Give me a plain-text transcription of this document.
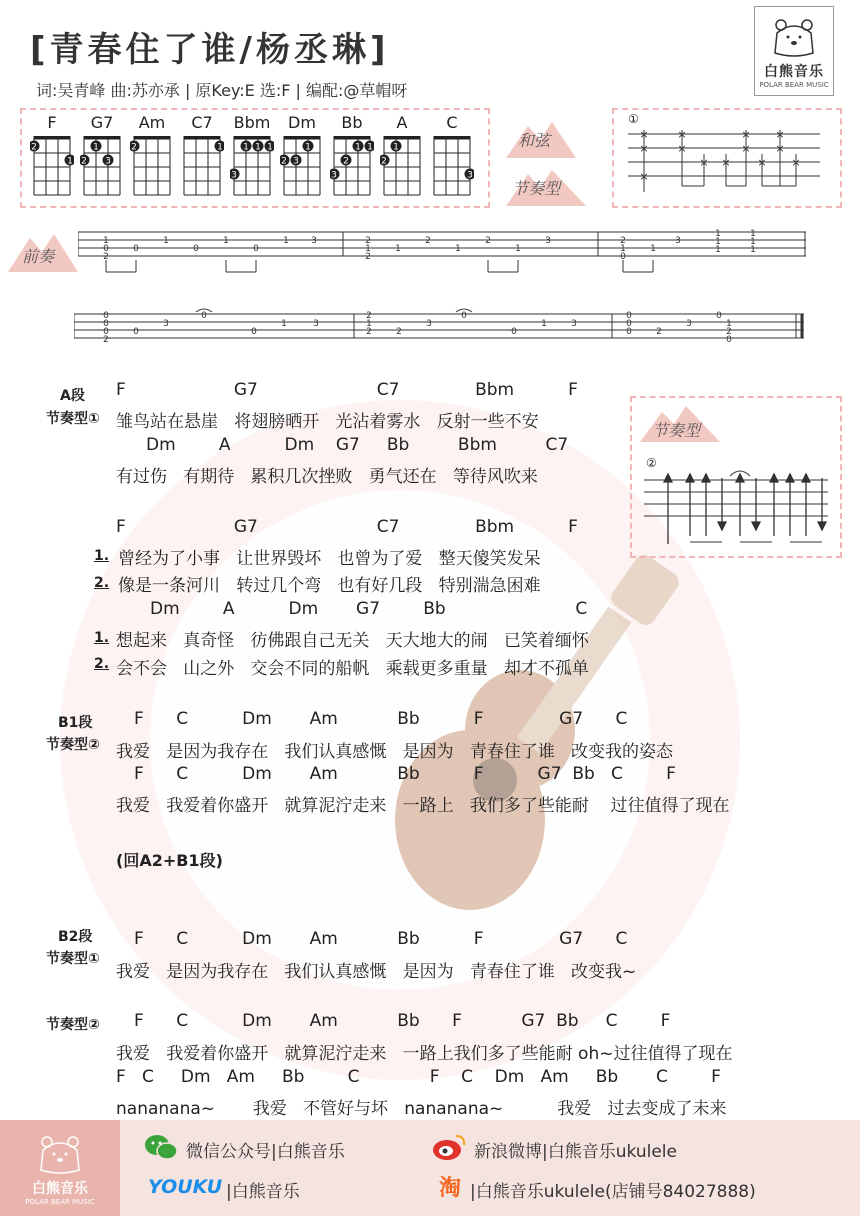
[青春住了谁/杨丞琳]
词:吴青峰 曲:苏亦承 | 原Key:E 选:F | 编配:@草帽呀
白熊音乐
POLAR BEAR MUSIC
F
2
1
G7
1
2 3
Am
2
C7
1
Bbm
1 1 1
3
Dm
1
2 3
Bb
1 1
2
3
A
1
2
C
3
和弦
节奏型
①
×
×
×
×
×
× ×
×
×
×
×
×
×
前奏
1
0
2
0
1
0
1
0
1 3	2
1
2
1
2
1
2
1
3	2
1
0
1
3
1
1
1
1
1
1
0
0
0
2
0
3
0
0
1	3
2
1
2	2
3
0
0
1	3
0
0
0	2
3
0
1
2
0
节奏型
②
A段
节奏型①
F                    G7                      C7              Bbm          F
雏鸟站在悬崖   将翅膀晒开   光沾着雾水   反射一些不安
Dm        A          Dm    G7     Bb         Bbm         C7
有过伤   有期待   累积几次挫败   勇气还在   等待风吹来
F                    G7                      C7              Bbm          F
1. 曾经为了小事   让世界毁坏   也曾为了爱   整天傻笑发呆
2. 像是一条河川   转过几个弯   也有好几段   特别湍急困难
Dm        A          Dm       G7        Bb                        C
1. 想起来   真奇怪   彷佛跟自己无关   天大地大的闹   已笑着缅怀
2. 会不会   山之外   交会不同的船帆   乘载更多重量   却才不孤单
B1段
节奏型②
F      C          Dm       Am           Bb          F              G7      C
我爱   是因为我存在   我们认真感慨   是因为   青春住了谁   改变我的姿态
F      C          Dm       Am           Bb          F          G7  Bb   C        F
我爱   我爱着你盛开   就算泥泞走来   一路上   我们多了些能耐    过往值得了现在
(回A2+B1段)
B2段
节奏型①
F      C          Dm       Am           Bb          F              G7      C
我爱   是因为我存在   我们认真感慨   是因为   青春住了谁   改变我~
节奏型② F      C          Dm       Am           Bb      F           G7  Bb     C        F
我爱   我爱着你盛开   就算泥泞走来   一路上我们多了些能耐 oh~过往值得了现在
F   C     Dm   Am     Bb        C             F    C    Dm   Am     Bb       C        F
nananana~       我爱   不管好与坏   nananana~          我爱   过去变成了未来
白熊音乐
POLAR BEAR MUSIC
微信公众号|白熊音乐	新浪微博|白熊音乐ukulele
YOUKU |白熊音乐	淘 |白熊音乐ukulele(店铺号84027888)
